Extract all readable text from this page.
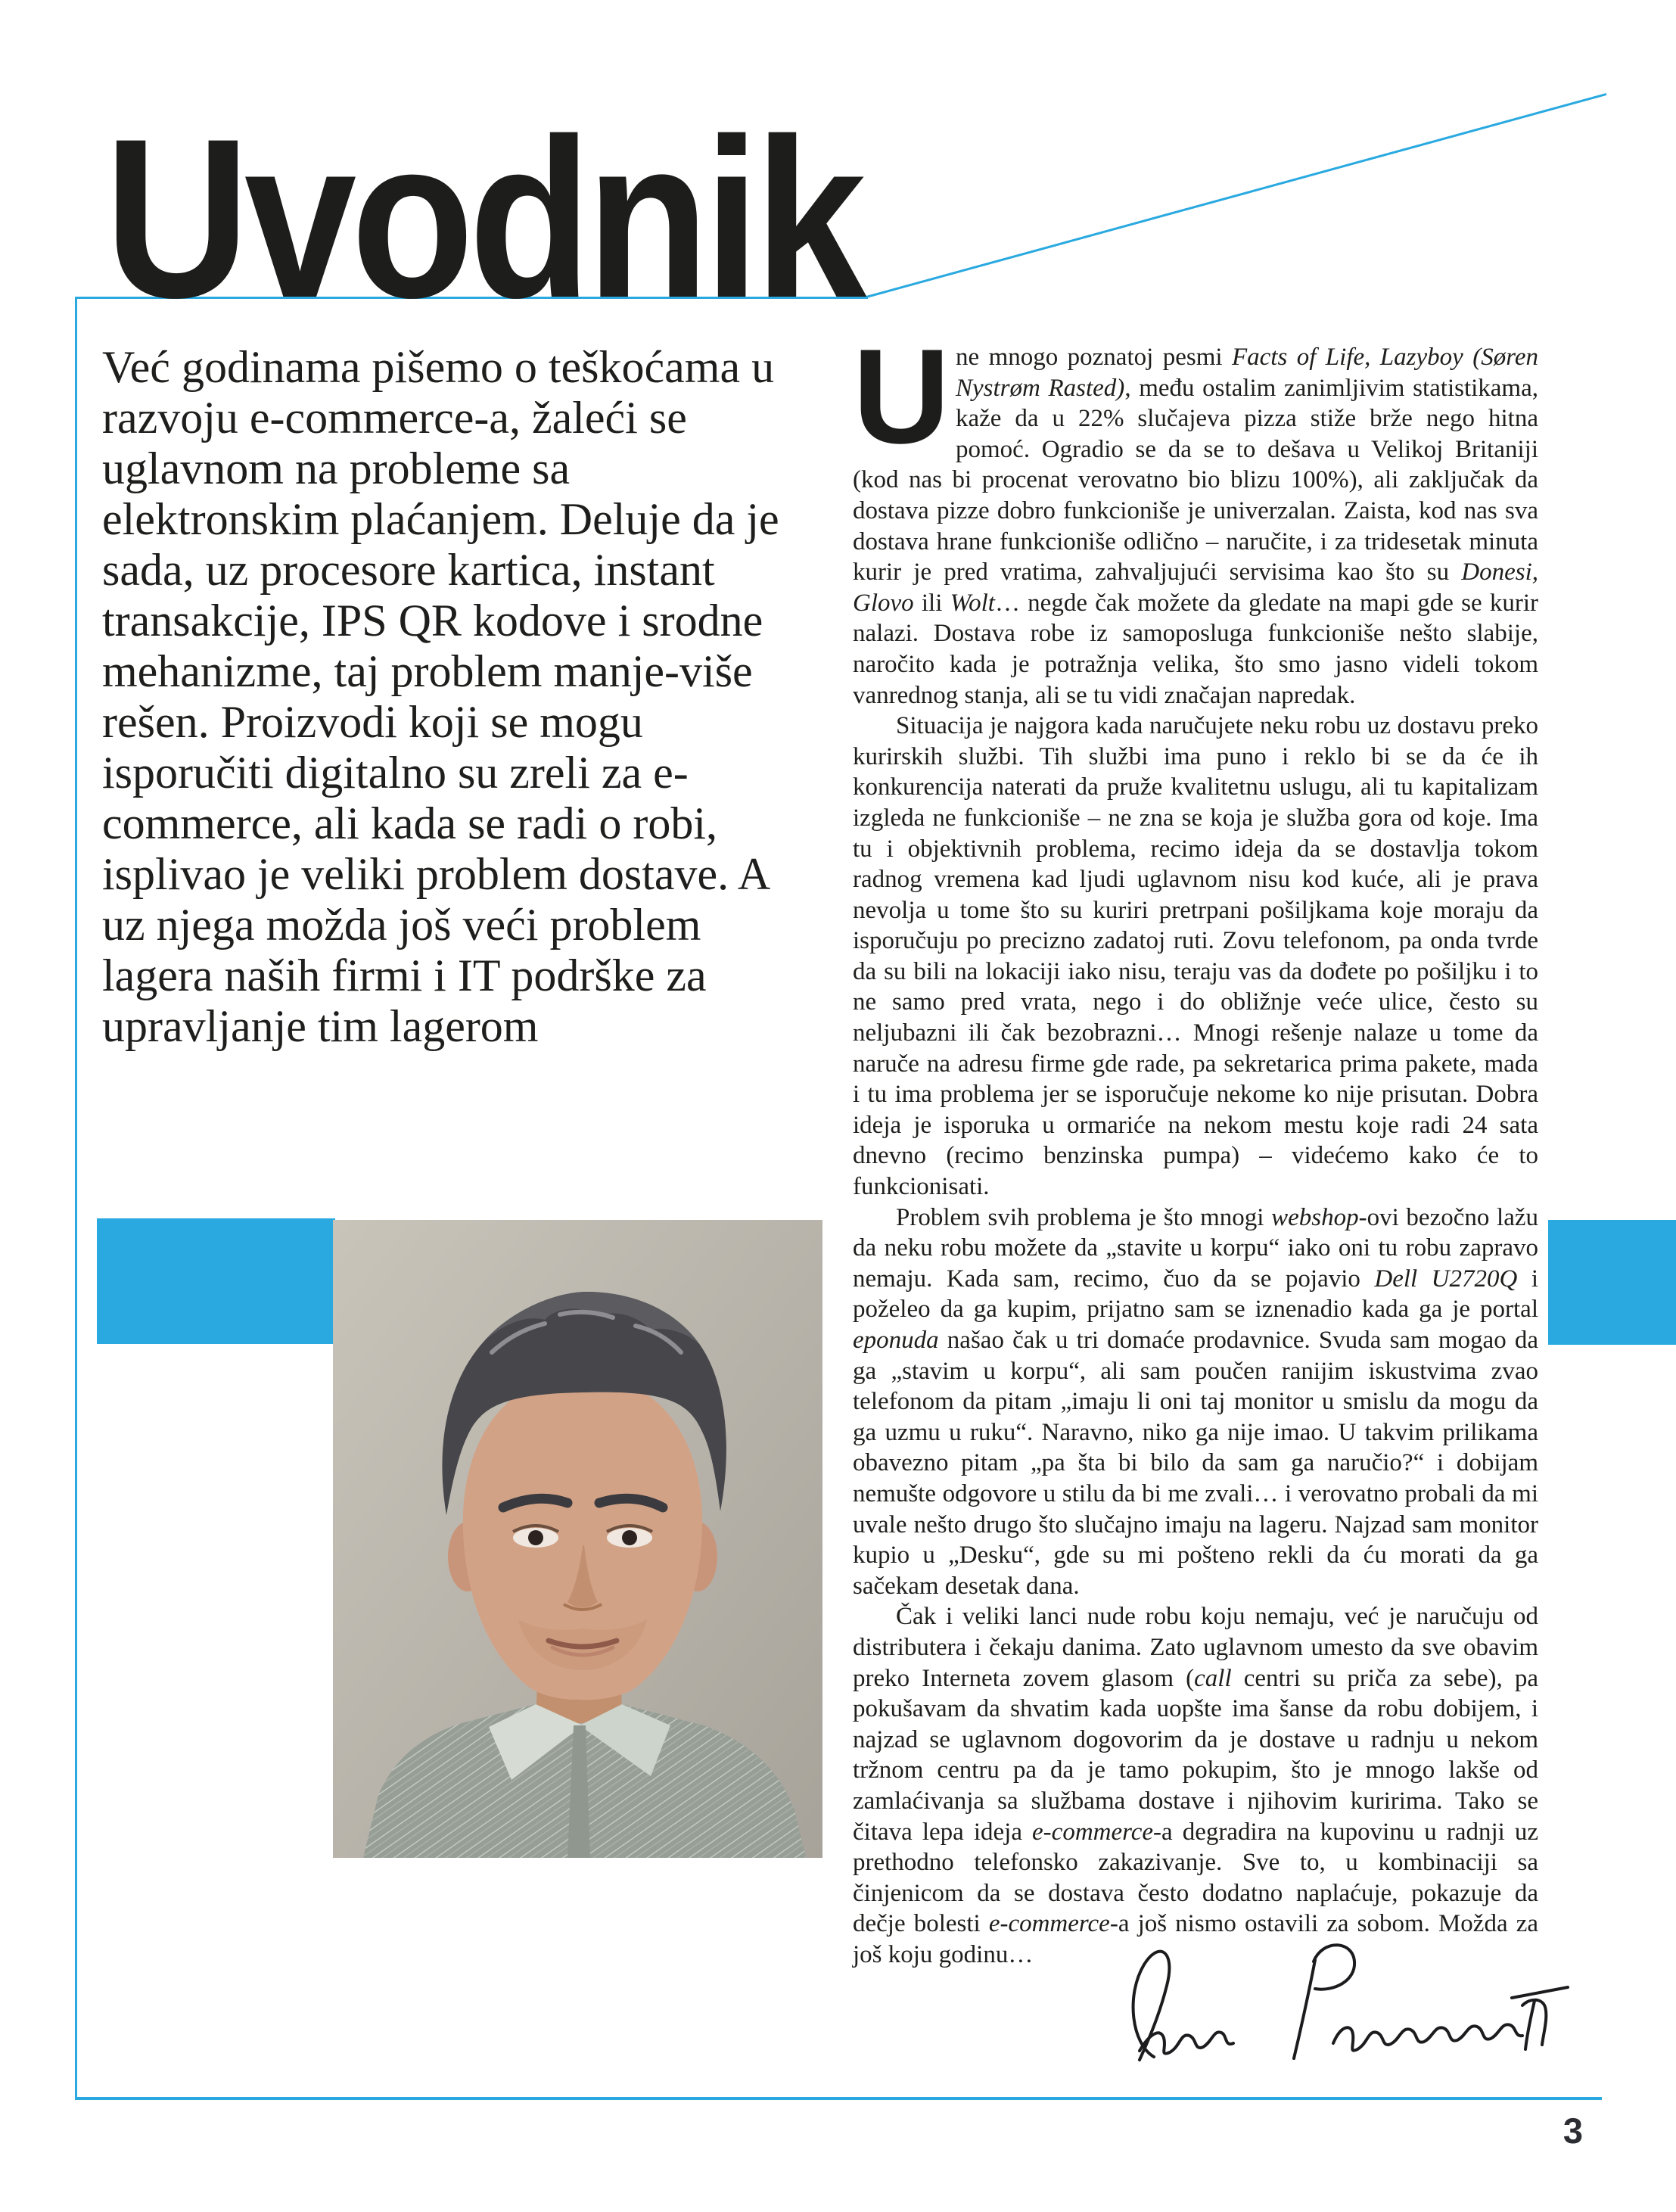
Uvodnik

Već godinama pišemo o teškoćama u razvoju e-commerce-a, žaleći se uglavnom na probleme sa elektronskim plaćanjem. Deluje da je sada, uz procesore kartica, instant transakcije, IPS QR kodove i srodne mehanizme, taj problem manje-više rešen. Proizvodi koji se mogu isporučiti digitalno su zreli za e-commerce, ali kada se radi o robi, isplivao je veliki problem dostave. A uz njega možda još veći problem lagera naših firmi i IT podrške za upravljanje tim lagerom

Une mnogo poznatoj pesmi Facts of Life, Lazyboy (Søren Nystrøm Rasted), među ostalim zanimljivim statistikama, kaže da u 22% slučajeva pizza stiže brže nego hitna pomoć. Ogradio se da se to dešava u Velikoj Britaniji (kod nas bi procenat verovatno bio blizu 100%), ali zaključak da dostava pizze dobro funkcioniše je univerzalan. Zaista, kod nas sva dostava hrane funkcioniše odlično – naručite, i za tridesetak minuta kurir je pred vratima, zahvaljujući servisima kao što su Donesi, Glovo ili Wolt… negde čak možete da gledate na mapi gde se kurir nalazi. Dostava robe iz samoposluga funkcioniše nešto slabije, naročito kada je potražnja velika, što smo jasno videli tokom vanrednog stanja, ali se tu vidi značajan napredak.

Situacija je najgora kada naručujete neku robu uz dostavu preko kurirskih službi. Tih službi ima puno i reklo bi se da će ih konkurencija naterati da pruže kvalitetnu uslugu, ali tu kapitalizam izgleda ne funkcioniše – ne zna se koja je služba gora od koje. Ima tu i objektivnih problema, recimo ideja da se dostavlja tokom radnog vremena kad ljudi uglavnom nisu kod kuće, ali je prava nevolja u tome što su kuriri pretrpani pošiljkama koje moraju da isporučuju po precizno zadatoj ruti. Zovu telefonom, pa onda tvrde da su bili na lokaciji iako nisu, teraju vas da dođete po pošiljku i to ne samo pred vrata, nego i do obližnje veće ulice, često su neljubazni ili čak bezobrazni… Mnogi rešenje nalaze u tome da naruče na adresu firme gde rade, pa sekretarica prima pakete, mada i tu ima problema jer se isporučuje nekome ko nije prisutan. Dobra ideja je isporuka u ormariće na nekom mestu koje radi 24 sata dnevno (recimo benzinska pumpa) – videćemo kako će to funkcionisati.

Problem svih problema je što mnogi webshop-ovi bezočno lažu da neku robu možete da „stavite u korpu“ iako oni tu robu zapravo nemaju. Kada sam, recimo, čuo da se pojavio Dell U2720Q i poželeo da ga kupim, prijatno sam se iznenadio kada ga je portal eponuda našao čak u tri domaće prodavnice. Svuda sam mogao da ga „stavim u korpu“, ali sam poučen ranijim iskustvima zvao telefonom da pitam „imaju li oni taj monitor u smislu da mogu da ga uzmu u ruku“. Naravno, niko ga nije imao. U takvim prilikama obavezno pitam „pa šta bi bilo da sam ga naručio?“ i dobijam nemušte odgovore u stilu da bi me zvali… i verovatno probali da mi uvale nešto drugo što slučajno imaju na lageru. Najzad sam monitor kupio u „Desku“, gde su mi pošteno rekli da ću morati da ga sačekam desetak dana.

Čak i veliki lanci nude robu koju nemaju, već je naručuju od distributera i čekaju danima. Zato uglavnom umesto da sve obavim preko Interneta zovem glasom (call centri su priča za sebe), pa pokušavam da shvatim kada uopšte ima šanse da robu dobijem, i najzad se uglavnom dogovorim da je dostave u radnju u nekom tržnom centru pa da je tamo pokupim, što je mnogo lakše od zamlaćivanja sa službama dostave i njihovim kuririma. Tako se čitava lepa ideja e-commerce-a degradira na kupovinu u radnji uz prethodno telefonsko zakazivanje. Sve to, u kombinaciji sa činjenicom da se dostava često dodatno naplaćuje, pokazuje da dečje bolesti e-commerce-a još nismo ostavili za sobom. Možda za još koju godinu…

3
